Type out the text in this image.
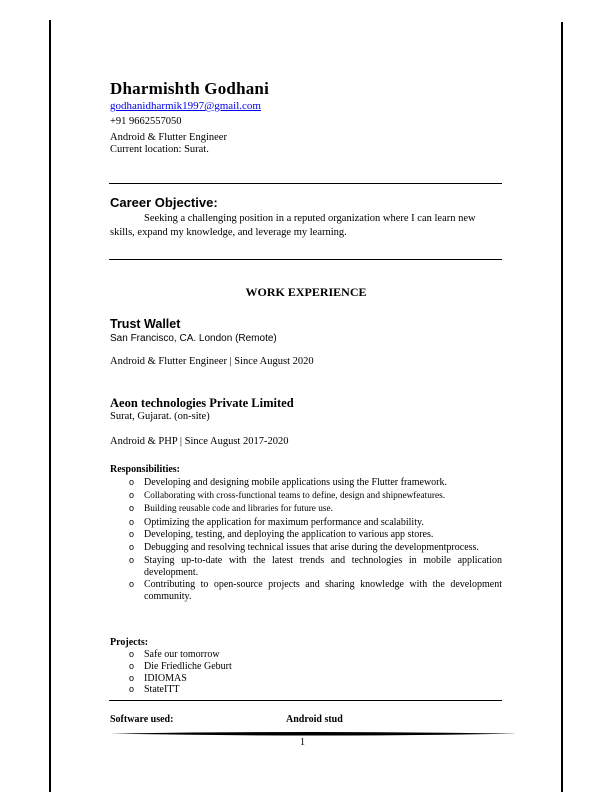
Dharmishth Godhani
godhanidharmik1997@gmail.com
+91 9662557050
Android & Flutter Engineer
Current location: Surat.
Career Objective:
Seeking a challenging position in a reputed organization where I can learn new skills, expand my knowledge, and leverage my learning.
WORK EXPERIENCE
Trust Wallet
San Francisco, CA. London (Remote)
Android & Flutter Engineer | Since August 2020
Aeon technologies Private Limited
Surat, Gujarat. (on-site)
Android & PHP | Since August 2017-2020
Responsibilities:
o Developing and designing mobile applications using the Flutter framework.
o Collaborating with cross-functional teams to define, design and shipnewfeatures.
o Building reusable code and libraries for future use.
o Optimizing the application for maximum performance and scalability.
o Developing, testing, and deploying the application to various app stores.
o Debugging and resolving technical issues that arise during the developmentprocess.
o Staying up-to-date with the latest trends and technologies in mobile application development.
o Contributing to open-source projects and sharing knowledge with the development community.
Projects:
o Safe our tomorrow
o Die Friedliche Geburt
o IDIOMAS
o StateITT
Software used:	Android stud
1
